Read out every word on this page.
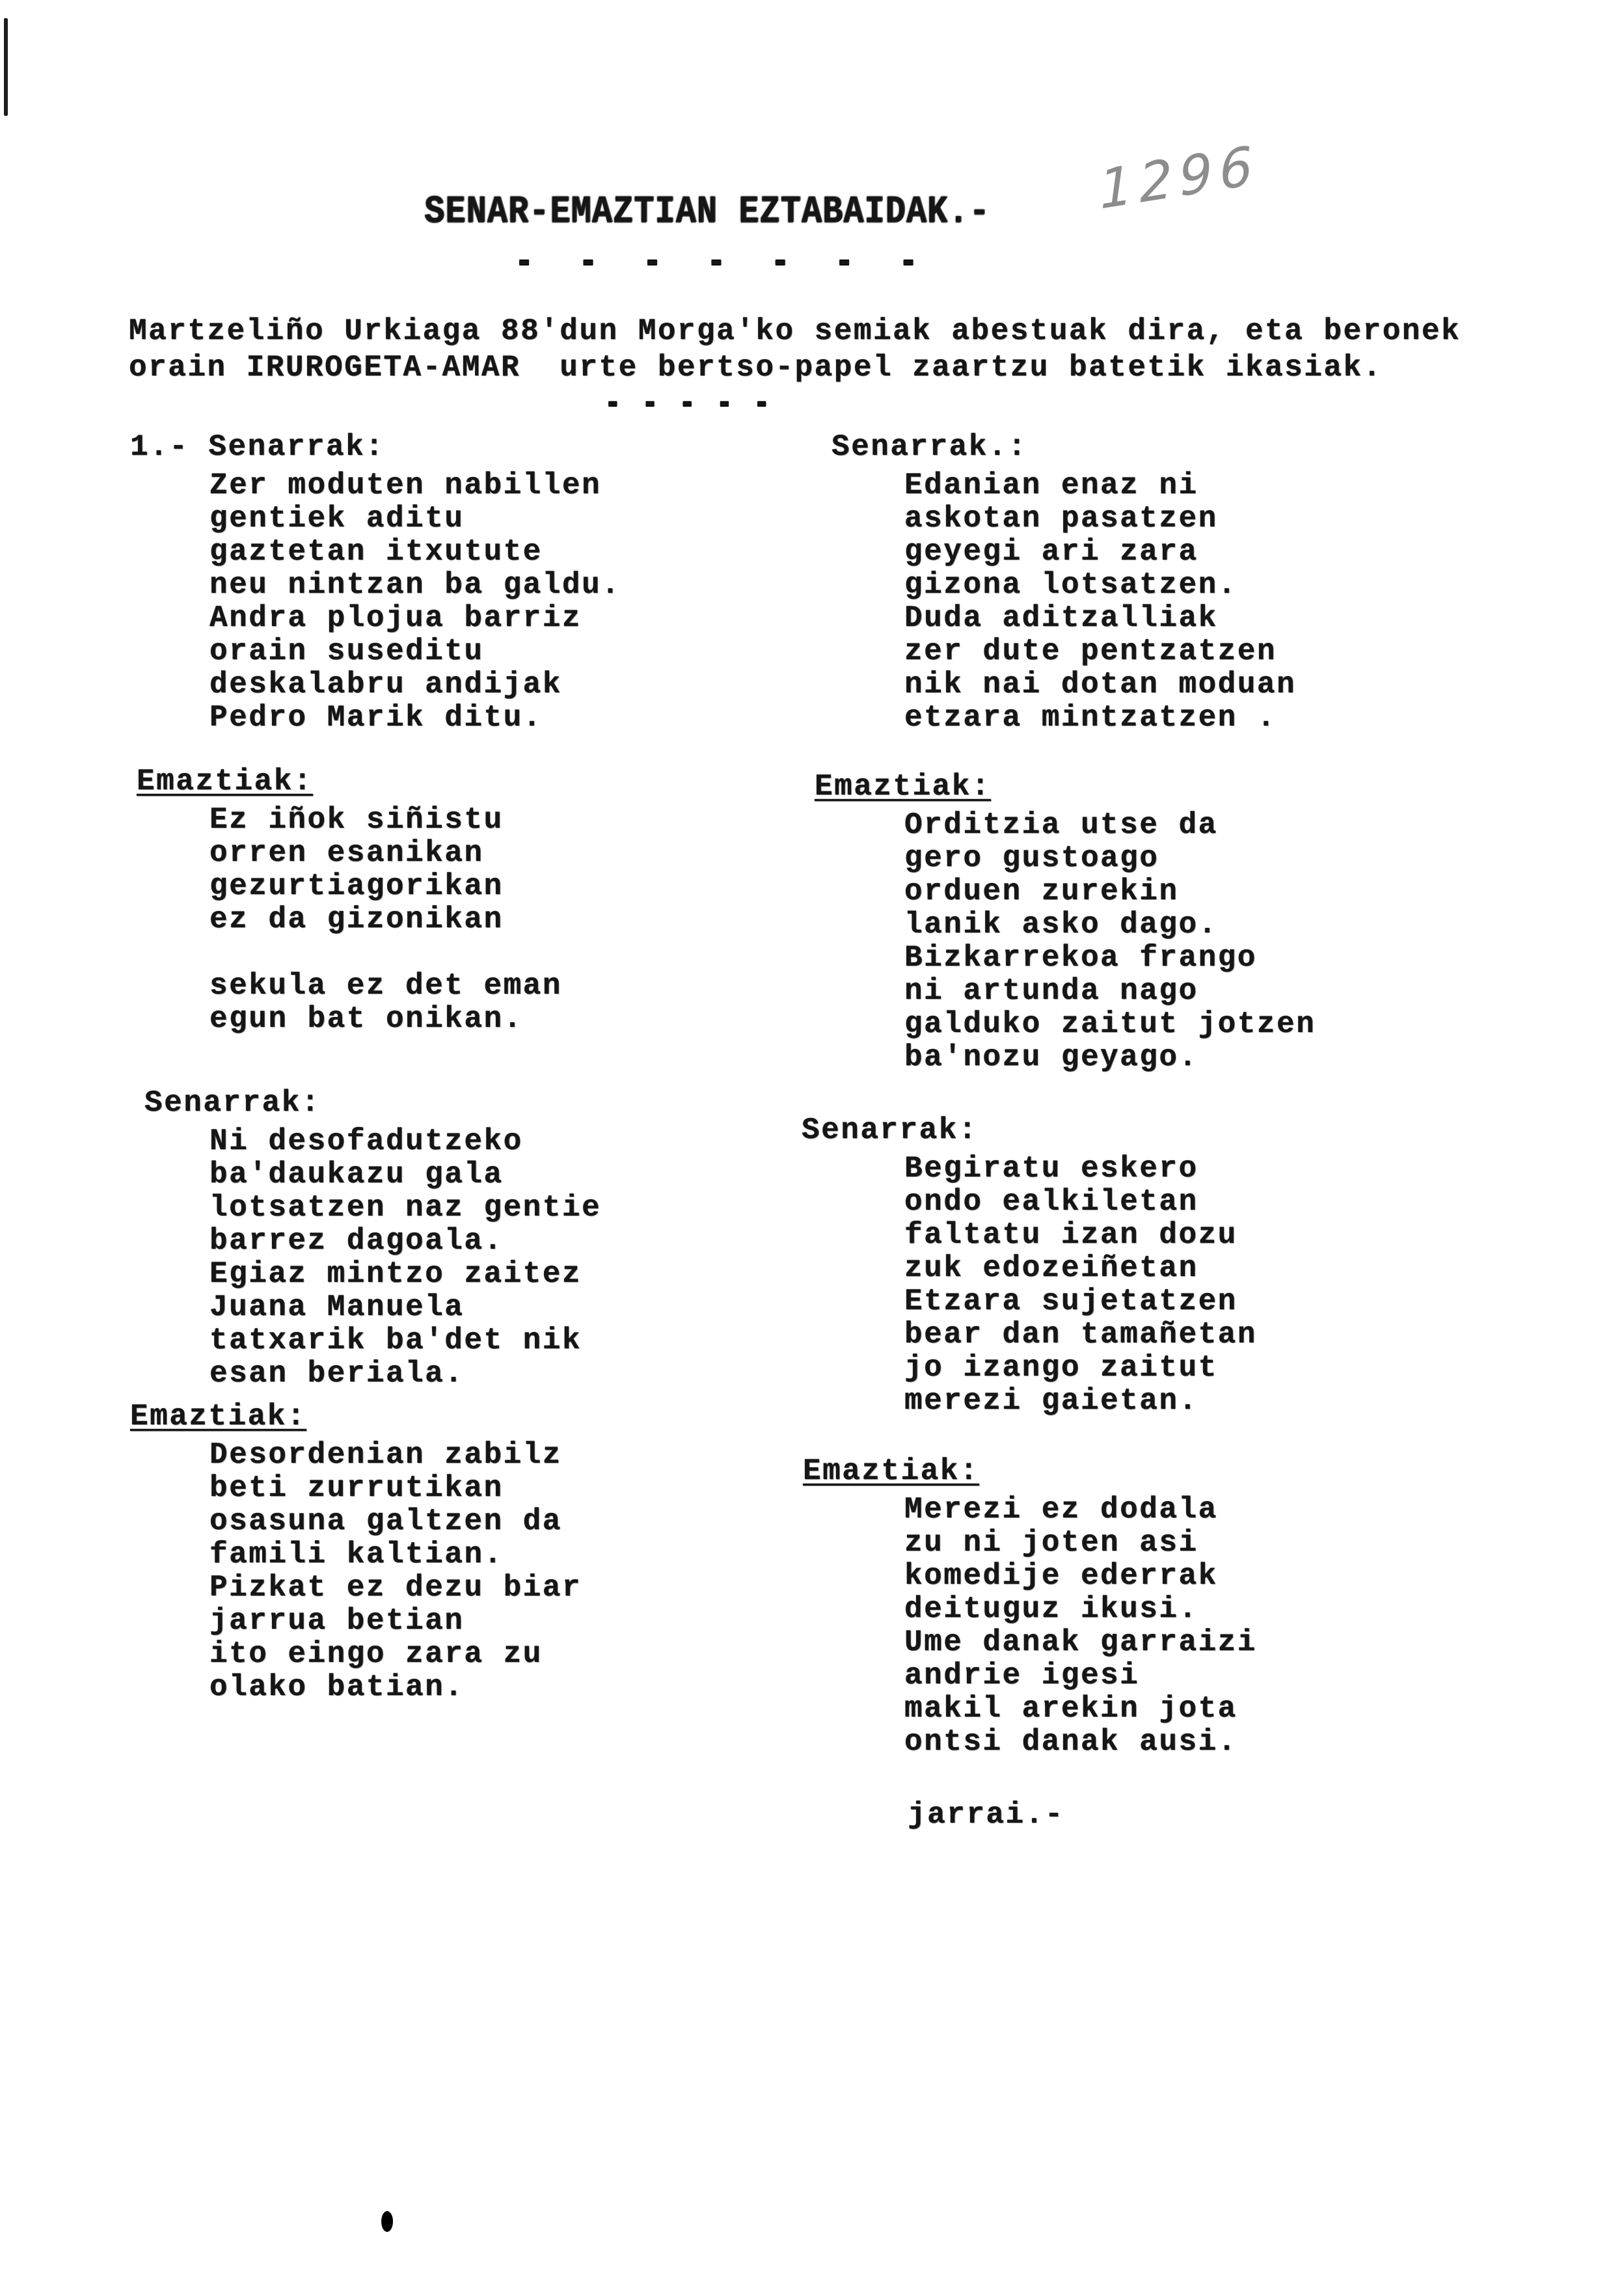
1296
SENAR-EMAZTIAN EZTABAIDAK.-
- - - - - - -
Martzeliño Urkiaga 88'dun Morga'ko semiak abestuak dira, eta beronek
orain IRUROGETA-AMAR  urte bertso-papel zaartzu batetik ikasiak.
- - - - -
1.- Senarrak:
Zer moduten nabillen
gentiek aditu
gaztetan itxutute
neu nintzan ba galdu.
Andra plojua barriz
orain suseditu
deskalabru andijak
Pedro Marik ditu.
Emaztiak:
Ez iñok siñistu
orren esanikan
gezurtiagorikan
ez da gizonikan

sekula ez det eman
egun bat onikan.
Senarrak:
Ni desofadutzeko
ba'daukazu gala
lotsatzen naz gentie
barrez dagoala.
Egiaz mintzo zaitez
Juana Manuela
tatxarik ba'det nik
esan beriala.
Emaztiak:
Desordenian zabilz
beti zurrutikan
osasuna galtzen da
famili kaltian.
Pizkat ez dezu biar
jarrua betian
ito eingo zara zu
olako batian.
Senarrak.:
Edanian enaz ni
askotan pasatzen
geyegi ari zara
gizona lotsatzen.
Duda aditzalliak
zer dute pentzatzen
nik nai dotan moduan
etzara mintzatzen .
Emaztiak:
Orditzia utse da
gero gustoago
orduen zurekin
lanik asko dago.
Bizkarrekoa frango
ni artunda nago
galduko zaitut jotzen
ba'nozu geyago.
Senarrak:
Begiratu eskero
ondo ealkiletan
faltatu izan dozu
zuk edozeiñetan
Etzara sujetatzen
bear dan tamañetan
jo izango zaitut
merezi gaietan.
Emaztiak:
Merezi ez dodala
zu ni joten asi
komedije ederrak
deituguz ikusi.
Ume danak garraizi
andrie igesi
makil arekin jota
ontsi danak ausi.
jarrai.-
